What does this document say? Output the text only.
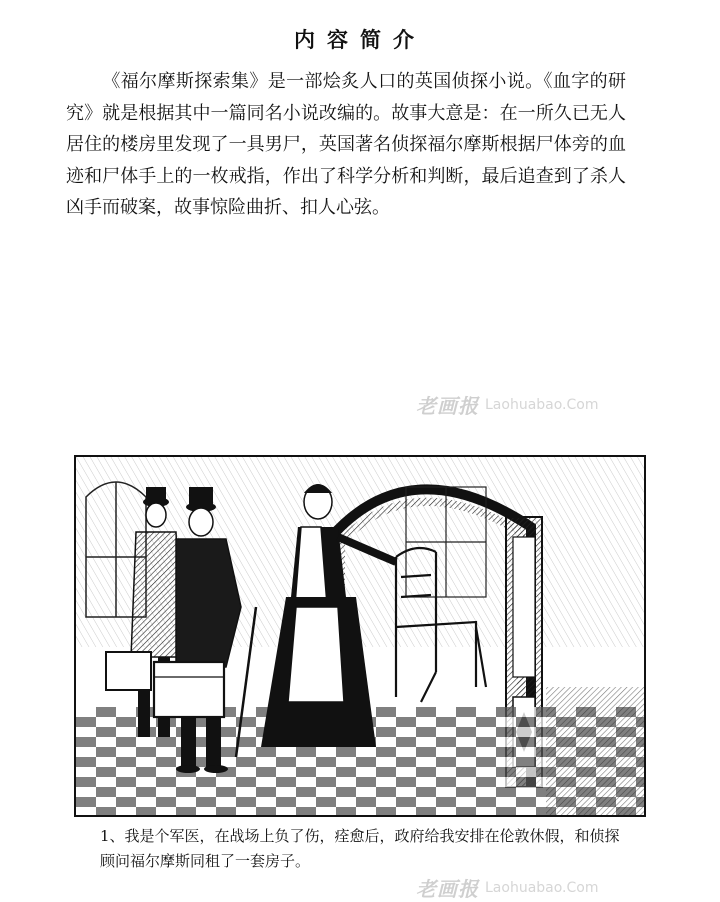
内容简介
《福尔摩斯探索集》是一部烩炙人口的英国侦探小说。《血字的研究》就是根据其中一篇同名小说改编的。故事大意是：在一所久已无人居住的楼房里发现了一具男尸，英国著名侦探福尔摩斯根据尸体旁的血迹和尸体手上的一枚戒指，作出了科学分析和判断，最后追查到了杀人凶手而破案，故事惊险曲折、扣人心弦。
老画报 Laohuabao.Com
1、我是个军医，在战场上负了伤，痊愈后，政府给我安排在伦敦休假，和侦探顾问福尔摩斯同租了一套房子。
老画报 Laohuabao.Com
